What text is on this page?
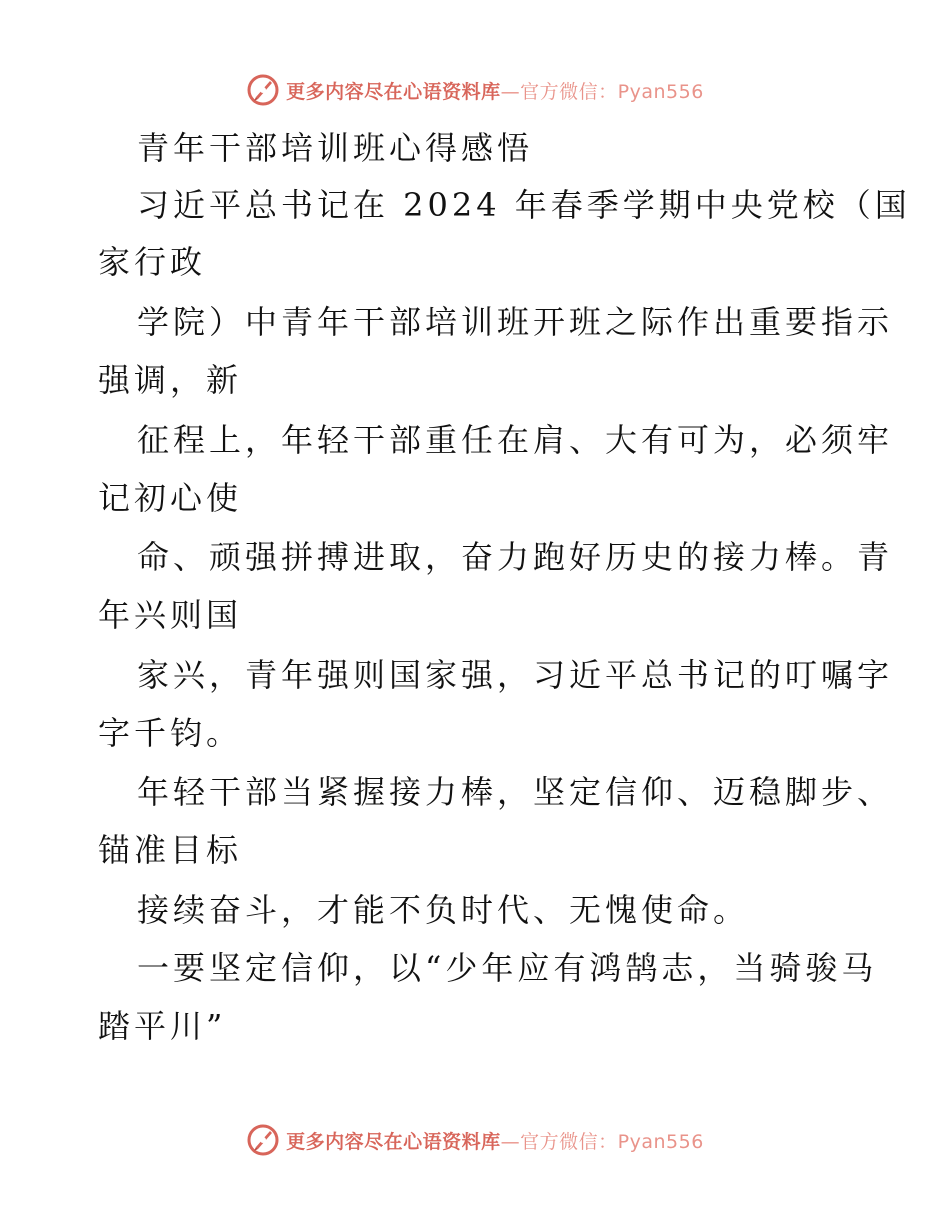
更多内容尽在心语资料库—官方微信：Pyan556
青年干部培训班心得感悟
习近平总书记在 2024 年春季学期中央党校（国
家行政
学院）中青年干部培训班开班之际作出重要指示
强调，新
征程上，年轻干部重任在肩、大有可为，必须牢
记初心使
命、顽强拼搏进取，奋力跑好历史的接力棒。青
年兴则国
家兴，青年强则国家强，习近平总书记的叮嘱字
字千钧。
年轻干部当紧握接力棒，坚定信仰、迈稳脚步、
锚准目标
接续奋斗，才能不负时代、无愧使命。
一要坚定信仰，以“少年应有鸿鹄志，当骑骏马
踏平川”
更多内容尽在心语资料库—官方微信：Pyan556
